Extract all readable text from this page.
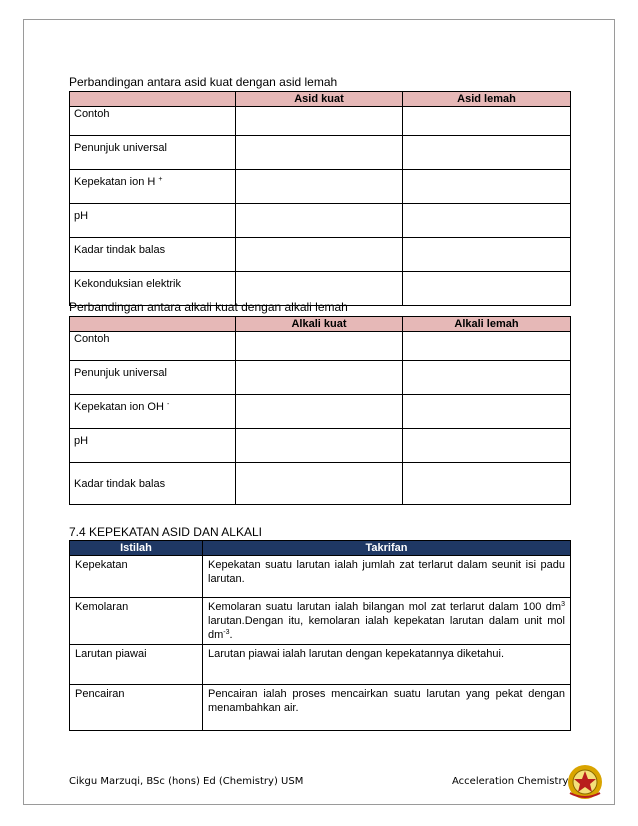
Perbandingan antara asid kuat dengan asid lemah
	Asid kuat	Asid lemah
Contoh		
Penunjuk universal		
Kepekatan ion H +		
pH		
Kadar tindak balas		
Kekonduksian elektrik		
Perbandingan antara alkali kuat dengan alkali lemah
	Alkali kuat	Alkali lemah
Contoh		
Penunjuk universal		
Kepekatan ion OH -		
pH		
Kadar tindak balas		
7.4 KEPEKATAN ASID DAN ALKALI
Istilah	Takrifan
Kepekatan	Kepekatan suatu larutan ialah jumlah zat terlarut dalam seunit isi padu larutan.
Kemolaran	Kemolaran suatu larutan ialah bilangan mol zat terlarut dalam 100 $dm^3$ larutan.Dengan itu, kemolaran ialah kepekatan larutan dalam unit mol $dm^{-3}$.
Larutan piawai	Larutan piawai ialah larutan dengan kepekatannya diketahui.
Pencairan	Pencairan ialah proses mencairkan suatu larutan yang pekat dengan menambahkan air.
Cikgu Marzuqi, BSc (hons) Ed (Chemistry) USM	Acceleration Chemistry
